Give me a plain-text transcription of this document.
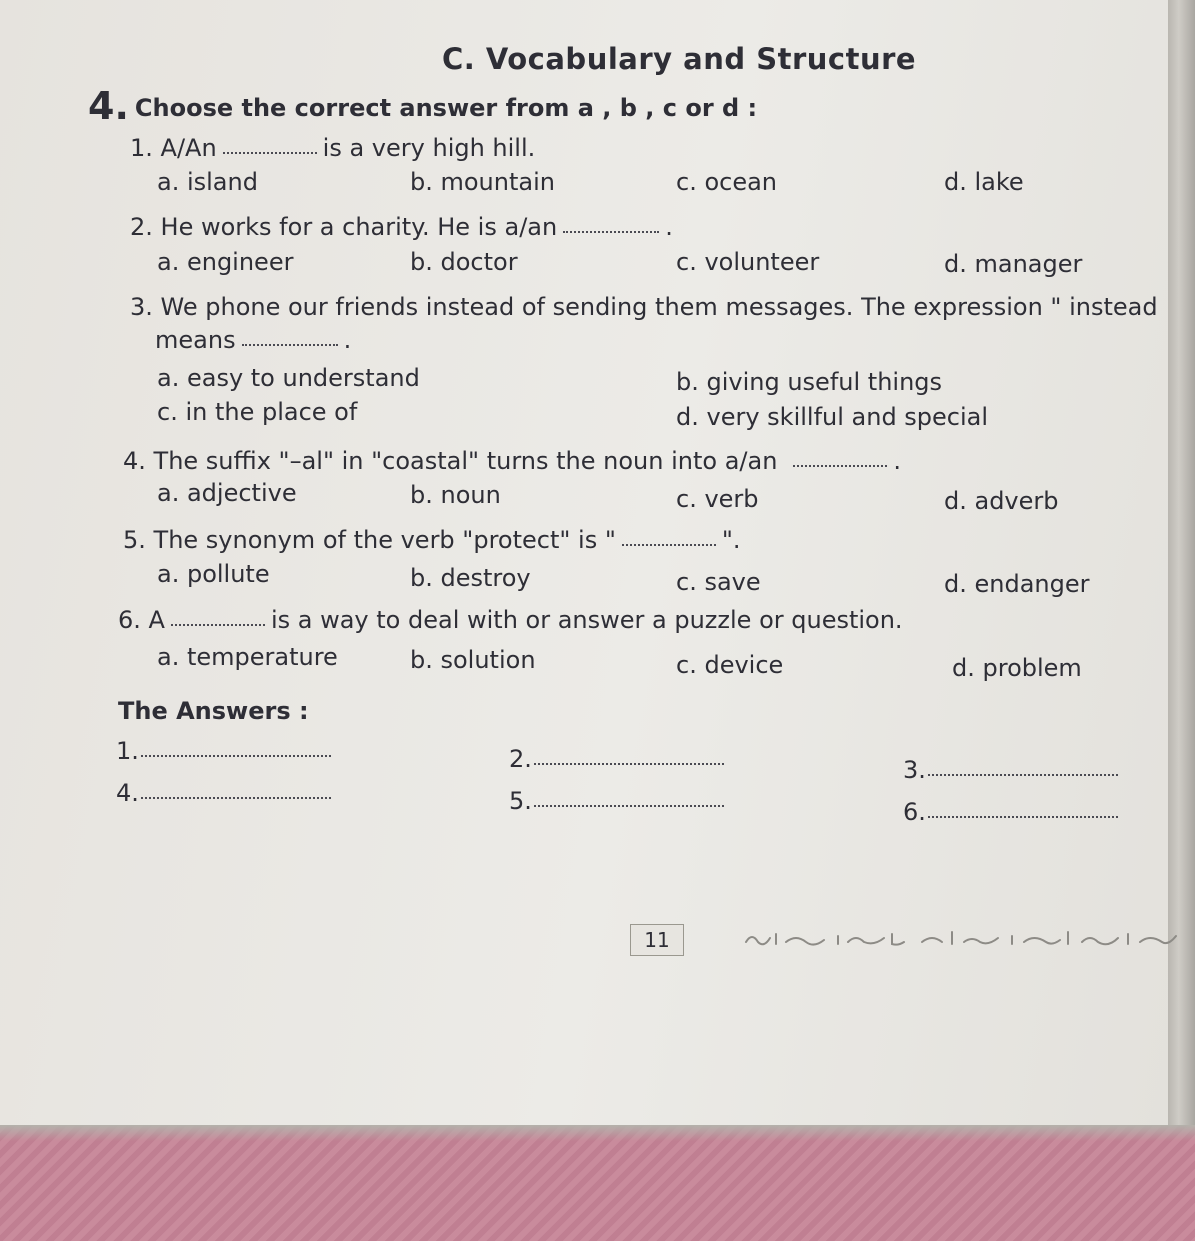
C. Vocabulary and Structure
4. Choose the correct answer from a , b , c or d :
1. A/An	is a very high hill.
a. island	b. mountain	c. ocean	d. lake
2. He works for a charity. He is a/an	.
a. engineer	b. doctor	c. volunteer	d. manager
3. We phone our friends instead of sending them messages. The expression " instead
means	.
a. easy to understand	b. giving useful things
c. in the place of	d. very skillful and special
4. The suffix "–al" in "coastal" turns the noun into a/an	.
a. adjective	b. noun	c. verb	d. adverb
5. The synonym of the verb "protect" is "	".
a. pollute	b. destroy	c. save	d. endanger
6. A	is a way to deal with or answer a puzzle or question.
a. temperature	b. solution	c. device	d. problem
The Answers :
1.	2.	3.
4.	5.	6.
11
